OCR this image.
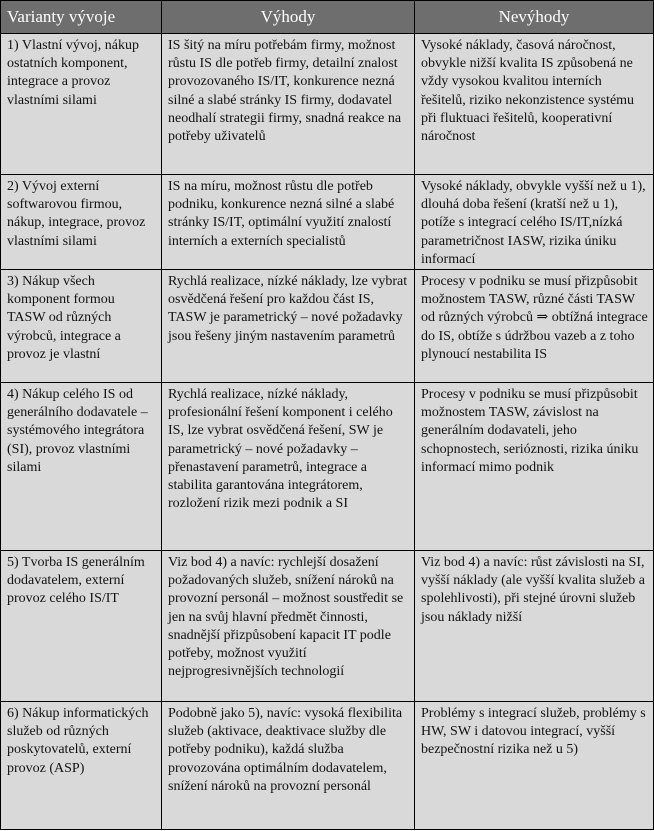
Varianty vývoje	Výhody	Nevýhody
1) Vlastní vývoj, nákup ostatních komponent, integrace a provoz vlastními silami	IS šitý na míru potřebám firmy, možnost růstu IS dle potřeb firmy, detailní znalost provozovaného IS/IT, konkurence nezná silné a slabé stránky IS firmy, dodavatel neodhalí strategii firmy, snadná reakce na potřeby uživatelů	Vysoké náklady, časová náročnost, obvykle nižší kvalita IS způsobená ne vždy vysokou kvalitou interních řešitelů, riziko nekonzistence systému při fluktuaci řešitelů, kooperativní náročnost
2) Vývoj externí softwarovou firmou, nákup, integrace, provoz vlastními silami	IS na míru, možnost růstu dle potřeb podniku, konkurence nezná silné a slabé stránky IS/IT, optimální využití znalostí interních a externích specialistů	Vysoké náklady, obvykle vyšší než u 1), dlouhá doba řešení (kratší než u 1), potíže s integrací celého IS/IT,nízká parametričnost IASW, rizika úniku informací
3) Nákup všech komponent formou TASW od různých výrobců, integrace a provoz je vlastní	Rychlá realizace, nízké náklady, lze vybrat osvědčená řešení pro každou část IS, TASW je parametrický – nové požadavky jsou řešeny jiným nastavením parametrů	Procesy v podniku se musí přizpůsobit možnostem TASW, různé části TASW od různých výrobců ⇒ obtížná integrace do IS, obtíže s údržbou vazeb a z toho plynoucí nestabilita IS
4) Nákup celého IS od generálního dodavatele – systémového integrátora (SI), provoz vlastními silami	Rychlá realizace, nízké náklady, profesionální řešení komponent i celého IS, lze vybrat osvědčená řešení, SW je parametrický – nové požadavky – přenastavení parametrů, integrace a stabilita garantována integrátorem, rozložení rizik mezi podnik a SI	Procesy v podniku se musí přizpůsobit možnostem TASW, závislost na generálním dodavateli, jeho schopnostech, serióznosti, rizika úniku informací mimo podnik
5) Tvorba IS generálním dodavatelem, externí provoz celého IS/IT	Viz bod 4) a navíc: rychlejší dosažení požadovaných služeb, snížení nároků na provozní personál – možnost soustředit se jen na svůj hlavní předmět činnosti, snadnější přizpůsobení kapacit IT podle potřeby, možnost využití nejprogresivnějších technologií	Viz bod 4) a navíc: růst závislosti na SI, vyšší náklady (ale vyšší kvalita služeb a spolehlivosti), při stejné úrovni služeb jsou náklady nižší
6) Nákup informatických služeb od různých poskytovatelů, externí provoz (ASP)	Podobně jako 5), navíc: vysoká flexibilita služeb (aktivace, deaktivace služby dle potřeby podniku), každá služba provozována optimálním dodavatelem, snížení nároků na provozní personál	Problémy s integrací služeb, problémy s HW, SW i datovou integrací, vyšší bezpečnostní rizika než u 5)
